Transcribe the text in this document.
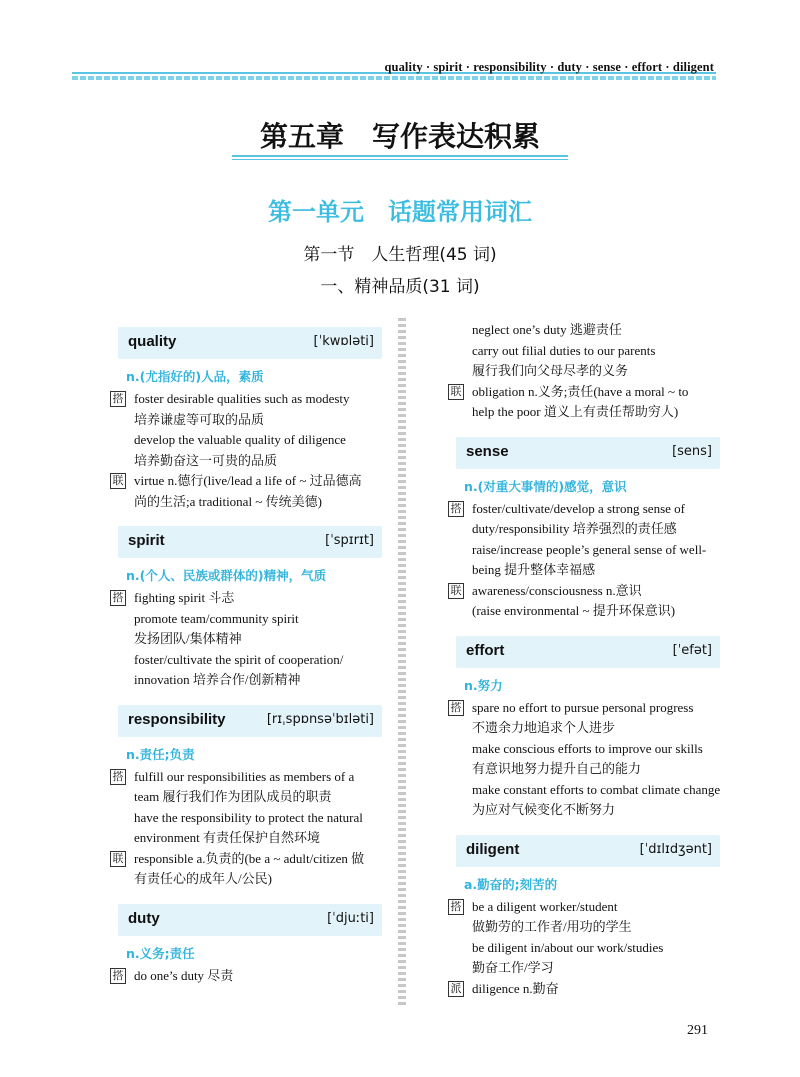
quality · spirit · responsibility · duty · sense · effort · diligent
第五章　写作表达积累
第一单元　话题常用词汇
第一节　人生哲理(45 词)
一、精神品质(31 词)
quality	[ˈkwɒləti]
n.(尤指好的)人品，素质
搭 foster desirable qualities such as modesty
培养谦虚等可取的品质
develop the valuable quality of diligence
培养勤奋这一可贵的品质
联 virtue n.德行(live/lead a life of ~ 过品德高
尚的生活;a traditional ~ 传统美德)
spirit	[ˈspɪrɪt]
n.(个人、民族或群体的)精神，气质
搭 fighting spirit 斗志
promote team/community spirit
发扬团队/集体精神
foster/cultivate the spirit of cooperation/
innovation 培养合作/创新精神
responsibility	[rɪˌspɒnsəˈbɪləti]
n.责任;负责
搭 fulfill our responsibilities as members of a
team 履行我们作为团队成员的职责
have the responsibility to protect the natural
environment 有责任保护自然环境
联 responsible a.负责的(be a ~ adult/citizen 做
有责任心的成年人/公民)
duty	[ˈdjuːti]
n.义务;责任
搭 do one’s duty 尽责
neglect one’s duty 逃避责任
carry out filial duties to our parents
履行我们向父母尽孝的义务
联 obligation n.义务;责任(have a moral ~ to
help the poor 道义上有责任帮助穷人)
sense	[sens]
n.(对重大事情的)感觉，意识
搭 foster/cultivate/develop a strong sense of
duty/responsibility 培养强烈的责任感
raise/increase people’s general sense of well-
being 提升整体幸福感
联 awareness/consciousness n.意识
(raise environmental ~ 提升环保意识)
effort	[ˈefət]
n.努力
搭 spare no effort to pursue personal progress
不遗余力地追求个人进步
make conscious efforts to improve our skills
有意识地努力提升自己的能力
make constant efforts to combat climate change
为应对气候变化不断努力
diligent	[ˈdɪlɪdʒənt]
a.勤奋的;刻苦的
搭 be a diligent worker/student
做勤劳的工作者/用功的学生
be diligent in/about our work/studies
勤奋工作/学习
派 diligence n.勤奋
291
